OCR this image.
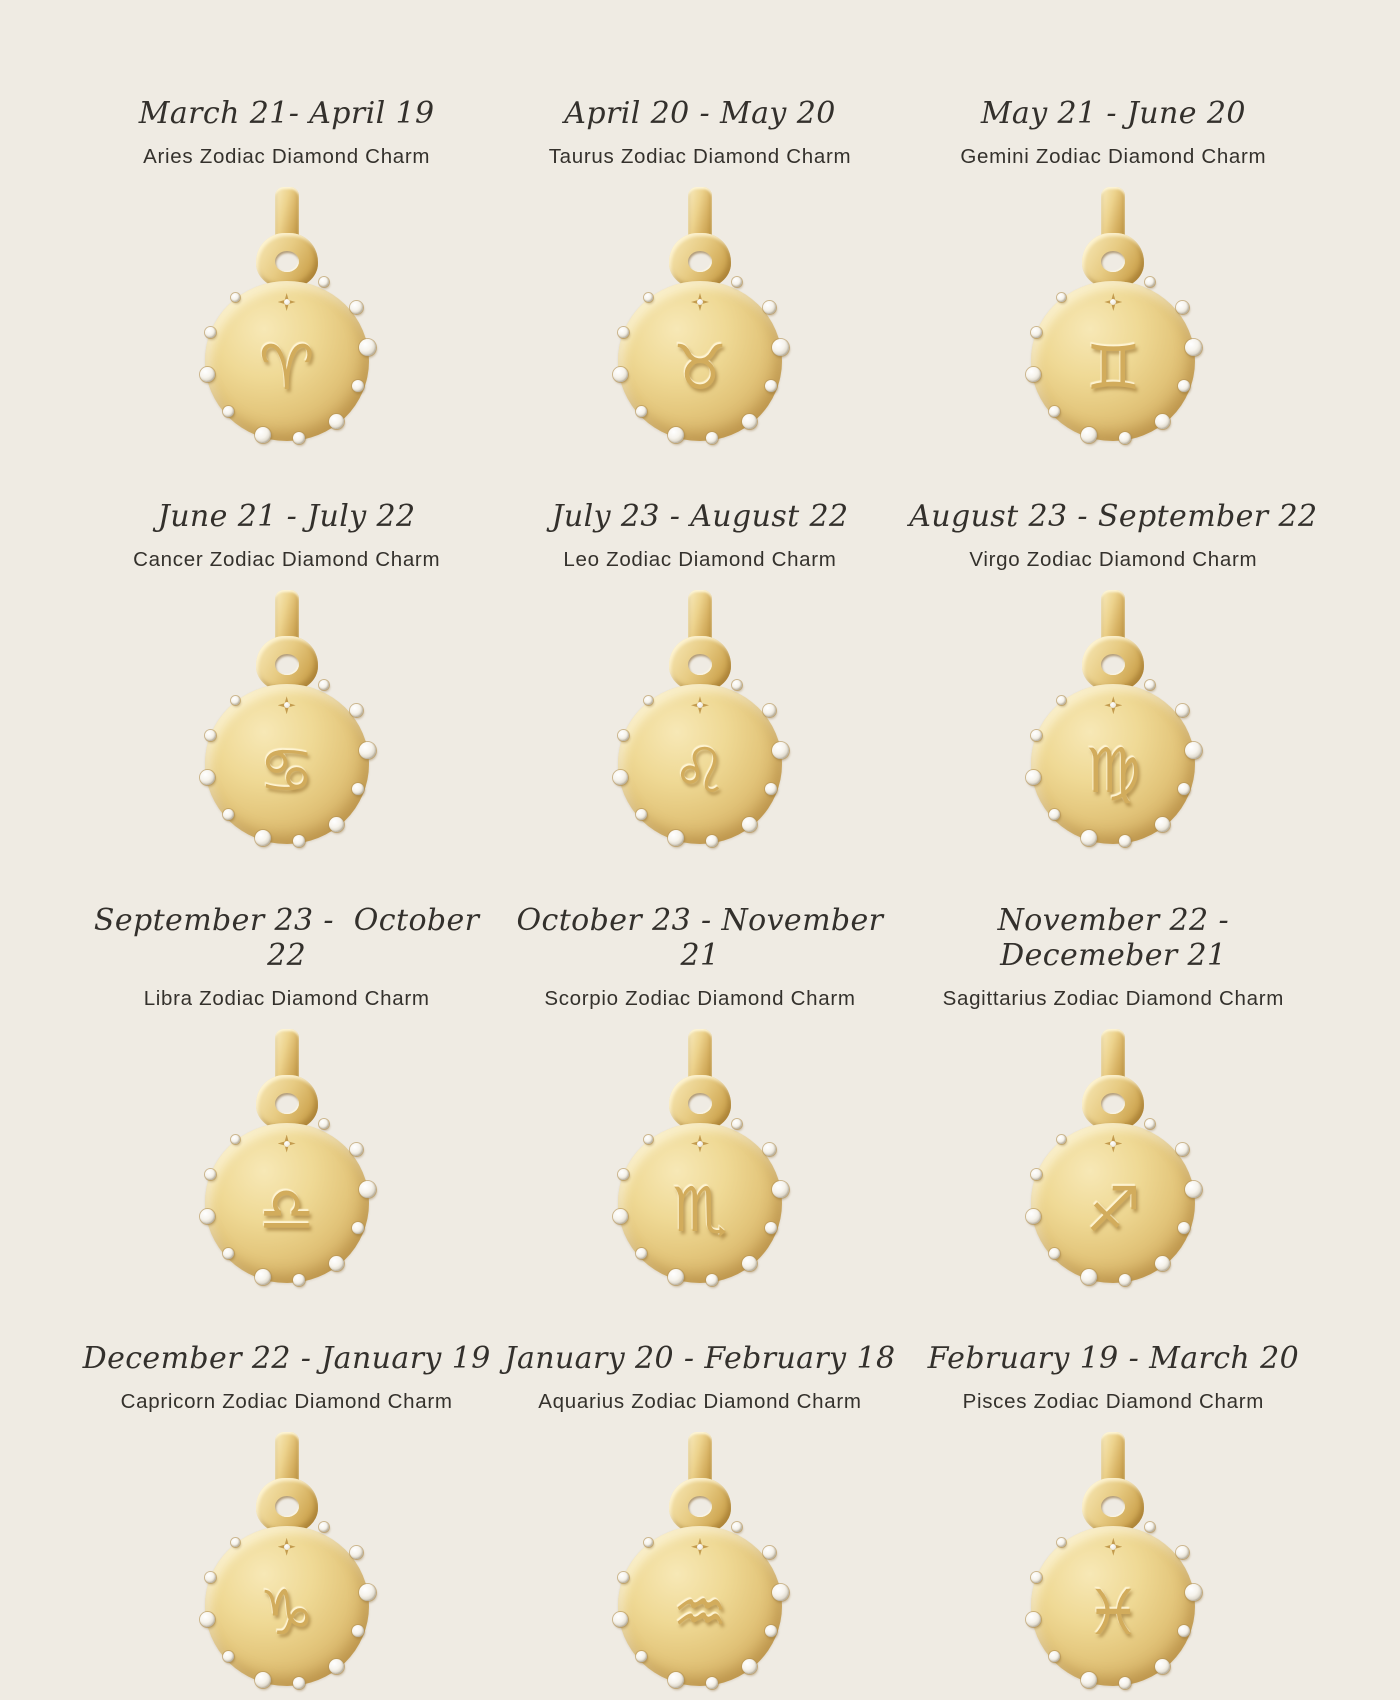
March 21- April 19
Aries Zodiac Diamond Charm
♈
April 20 - May 20
Taurus Zodiac Diamond Charm
♉
May 21 - June 20
Gemini Zodiac Diamond Charm
♊
June 21 - July 22
Cancer Zodiac Diamond Charm
♋
July 23 - August 22
Leo Zodiac Diamond Charm
♌
August 23 - September 22
Virgo Zodiac Diamond Charm
♍
September 23 -  October 22
Libra Zodiac Diamond Charm
♎
October 23 - November 21
Scorpio Zodiac Diamond Charm
♏
November 22 - Decemeber 21
Sagittarius Zodiac Diamond Charm
♐
December 22 - January 19
Capricorn Zodiac Diamond Charm
♑
January 20 - February 18
Aquarius Zodiac Diamond Charm
♒
February 19 - March 20
Pisces Zodiac Diamond Charm
♓
